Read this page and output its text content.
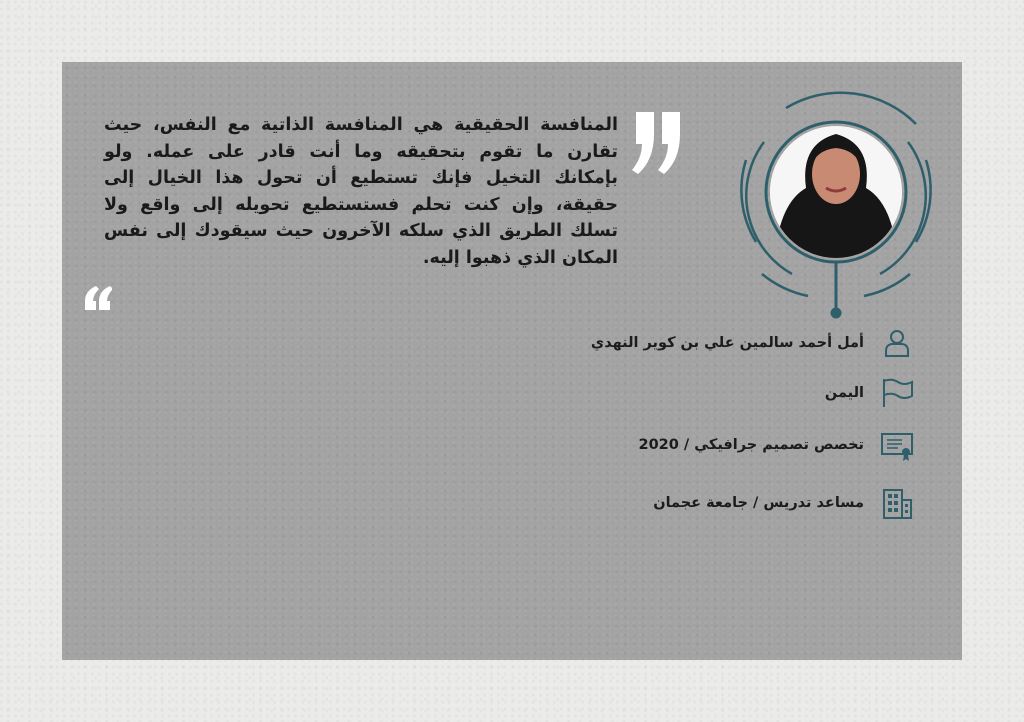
المنافسة الحقيقية هي المنافسة الذاتية مع النفس، حيث تقارن ما تقوم بتحقيقه وما أنت قادر على عمله. ولو بإمكانك التخيل فإنك تستطيع أن تحول هذا الخيال إلى حقيقة، وإن كنت تحلم فستستطيع تحويله إلى واقع ولا تسلك الطريق الذي سلكه الآخرون حيث سيقودك إلى نفس المكان الذي ذهبوا إليه.
أمل أحمد سالمين علي بن كوير النهدي
اليمن
تخصص تصميم جرافيكي / 2020
مساعد تدريس / جامعة عجمان
